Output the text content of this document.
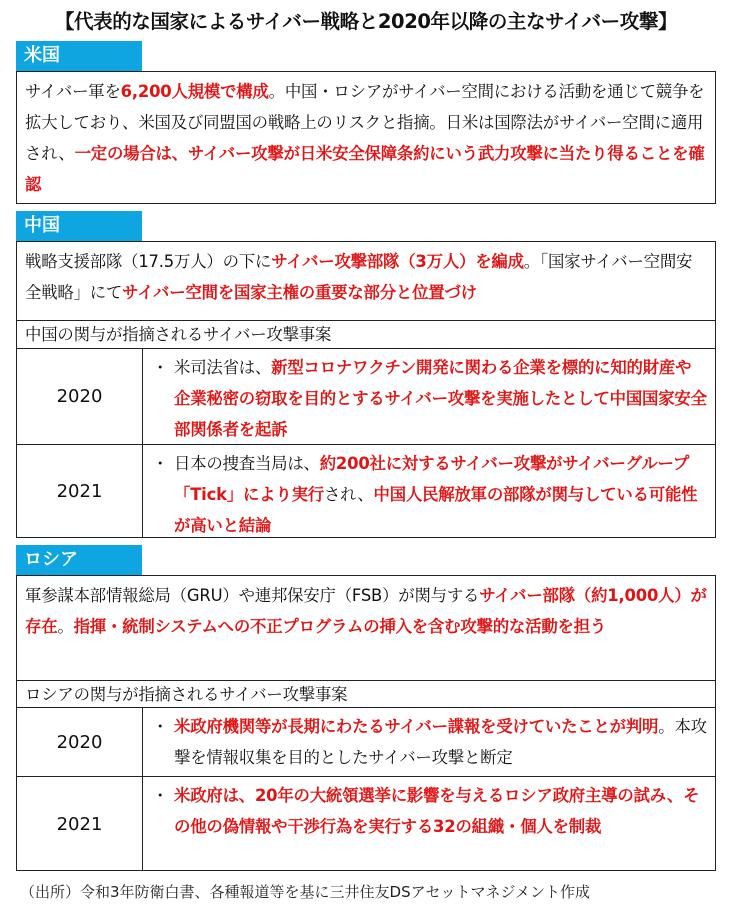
【代表的な国家によるサイバー戦略と2020年以降の主なサイバー攻撃】
米国
サイバー軍を6,200人規模で構成。中国・ロシアがサイバー空間における活動を通じて競争を拡大しており、米国及び同盟国の戦略上のリスクと指摘。日米は国際法がサイバー空間に適用され、一定の場合は、サイバー攻撃が日米安全保障条約にいう武力攻撃に当たり得ることを確認
中国
戦略支援部隊（17.5万人）の下にサイバー攻撃部隊（3万人）を編成。「国家サイバー空間安全戦略」にてサイバー空間を国家主権の重要な部分と位置づけ
中国の関与が指摘されるサイバー攻撃事案
2020
・ 米司法省は、新型コロナワクチン開発に関わる企業を標的に知的財産や企業秘密の窃取を目的とするサイバー攻撃を実施したとして中国国家安全部関係者を起訴
2021
・ 日本の捜査当局は、約200社に対するサイバー攻撃がサイバーグループ「Tick」により実行され、中国人民解放軍の部隊が関与している可能性が高いと結論
ロシア
軍参謀本部情報総局（GRU）や連邦保安庁（FSB）が関与するサイバー部隊（約1,000人）が存在。指揮・統制システムへの不正プログラムの挿入を含む攻撃的な活動を担う
ロシアの関与が指摘されるサイバー攻撃事案
2020
・ 米政府機関等が長期にわたるサイバー諜報を受けていたことが判明。本攻撃を情報収集を目的としたサイバー攻撃と断定
2021
・ 米政府は、20年の大統領選挙に影響を与えるロシア政府主導の試み、その他の偽情報や干渉行為を実行する32の組織・個人を制裁
（出所）令和3年防衛白書、各種報道等を基に三井住友DSアセットマネジメント作成
